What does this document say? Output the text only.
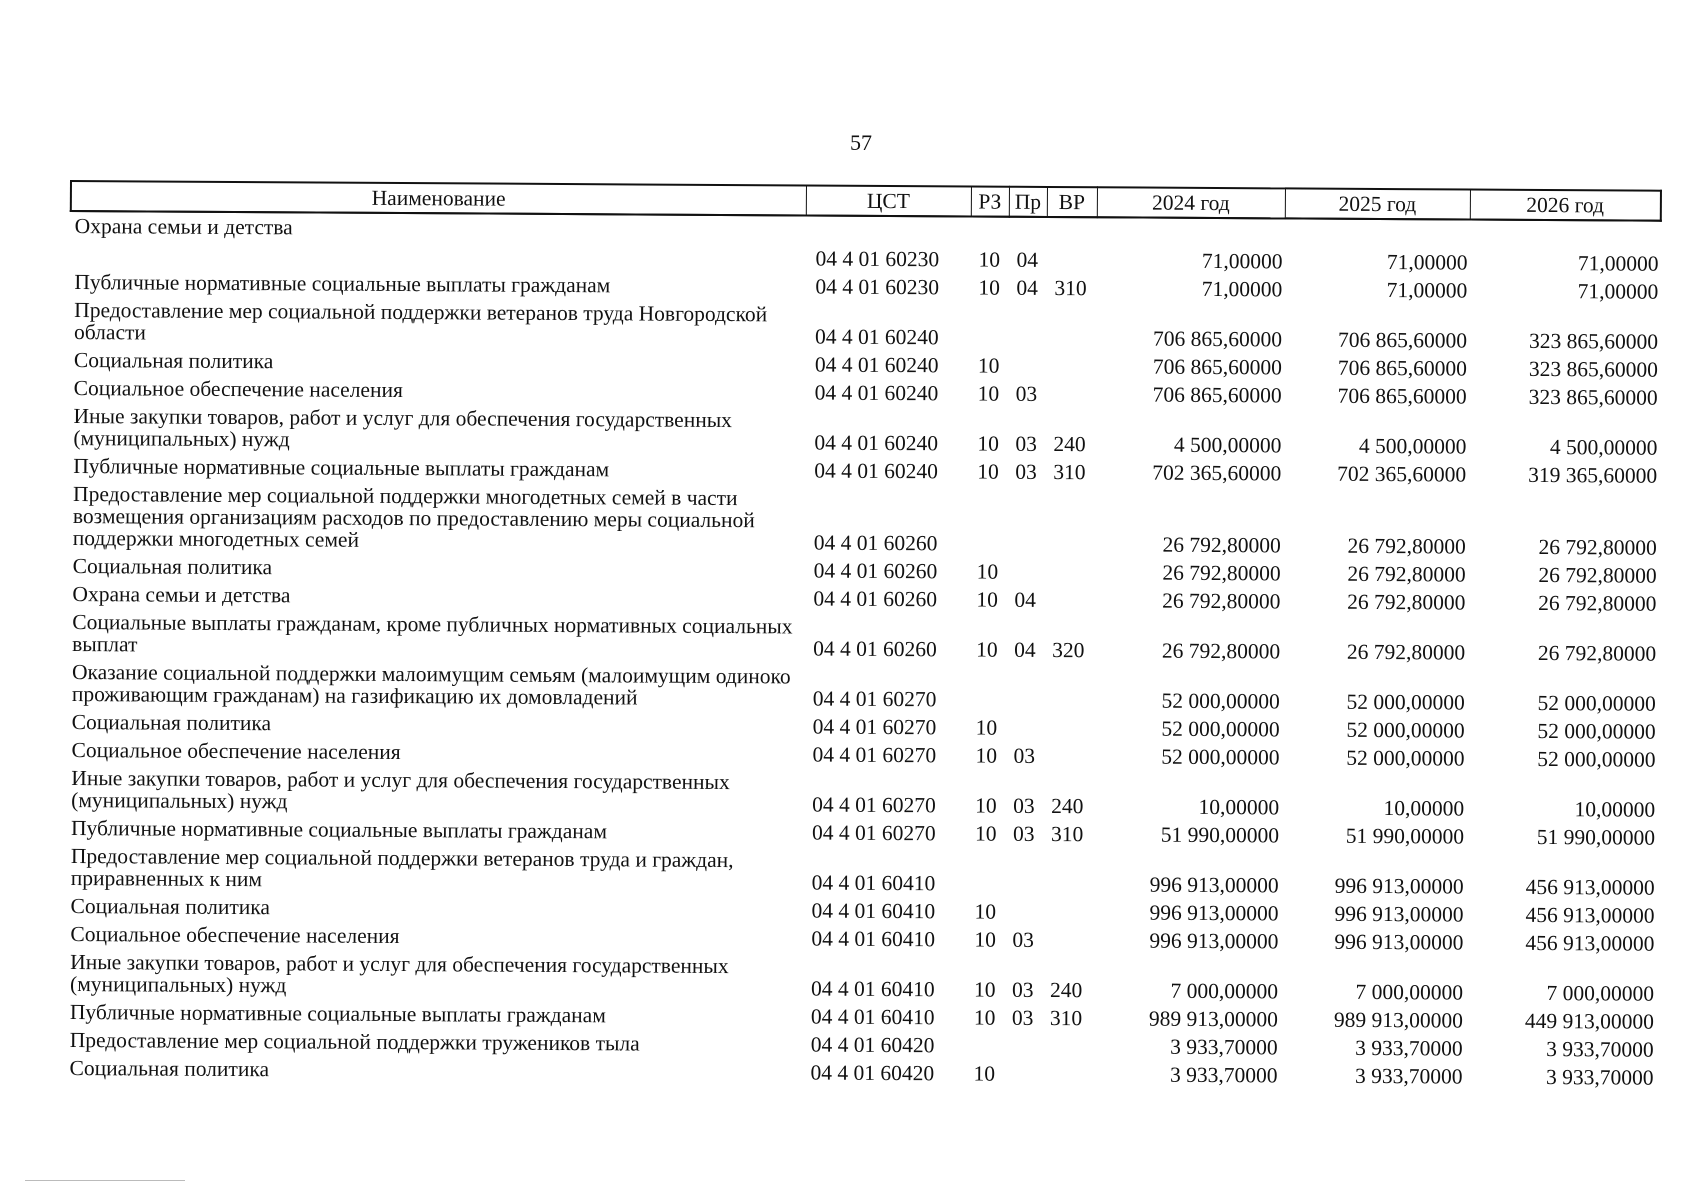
57
Наименование	ЦСТ	РЗ	Пр	ВР	2024 год	2025 год	2026 год
Охрана семьи и детства							
	04 4 01 60230	10	04		71,00000	71,00000	71,00000
Публичные нормативные социальные выплаты гражданам	04 4 01 60230	10	04	310	71,00000	71,00000	71,00000
Предоставление мер социальной поддержки ветеранов труда Новгородской области	04 4 01 60240				706 865,60000	706 865,60000	323 865,60000
Социальная политика	04 4 01 60240	10			706 865,60000	706 865,60000	323 865,60000
Социальное обеспечение населения	04 4 01 60240	10	03		706 865,60000	706 865,60000	323 865,60000
Иные закупки товаров, работ и услуг для обеспечения государственных (муниципальных) нужд	04 4 01 60240	10	03	240	4 500,00000	4 500,00000	4 500,00000
Публичные нормативные социальные выплаты гражданам	04 4 01 60240	10	03	310	702 365,60000	702 365,60000	319 365,60000
Предоставление мер социальной поддержки многодетных семей в части возмещения организациям расходов по предоставлению меры социальной поддержки многодетных семей	04 4 01 60260				26 792,80000	26 792,80000	26 792,80000
Социальная политика	04 4 01 60260	10			26 792,80000	26 792,80000	26 792,80000
Охрана семьи и детства	04 4 01 60260	10	04		26 792,80000	26 792,80000	26 792,80000
Социальные выплаты гражданам, кроме публичных нормативных социальных выплат	04 4 01 60260	10	04	320	26 792,80000	26 792,80000	26 792,80000
Оказание социальной поддержки малоимущим семьям (малоимущим одиноко проживающим гражданам) на газификацию их домовладений	04 4 01 60270				52 000,00000	52 000,00000	52 000,00000
Социальная политика	04 4 01 60270	10			52 000,00000	52 000,00000	52 000,00000
Социальное обеспечение населения	04 4 01 60270	10	03		52 000,00000	52 000,00000	52 000,00000
Иные закупки товаров, работ и услуг для обеспечения государственных (муниципальных) нужд	04 4 01 60270	10	03	240	10,00000	10,00000	10,00000
Публичные нормативные социальные выплаты гражданам	04 4 01 60270	10	03	310	51 990,00000	51 990,00000	51 990,00000
Предоставление мер социальной поддержки ветеранов труда и граждан, приравненных к ним	04 4 01 60410				996 913,00000	996 913,00000	456 913,00000
Социальная политика	04 4 01 60410	10			996 913,00000	996 913,00000	456 913,00000
Социальное обеспечение населения	04 4 01 60410	10	03		996 913,00000	996 913,00000	456 913,00000
Иные закупки товаров, работ и услуг для обеспечения государственных (муниципальных) нужд	04 4 01 60410	10	03	240	7 000,00000	7 000,00000	7 000,00000
Публичные нормативные социальные выплаты гражданам	04 4 01 60410	10	03	310	989 913,00000	989 913,00000	449 913,00000
Предоставление мер социальной поддержки тружеников тыла	04 4 01 60420				3 933,70000	3 933,70000	3 933,70000
Социальная политика	04 4 01 60420	10			3 933,70000	3 933,70000	3 933,70000
